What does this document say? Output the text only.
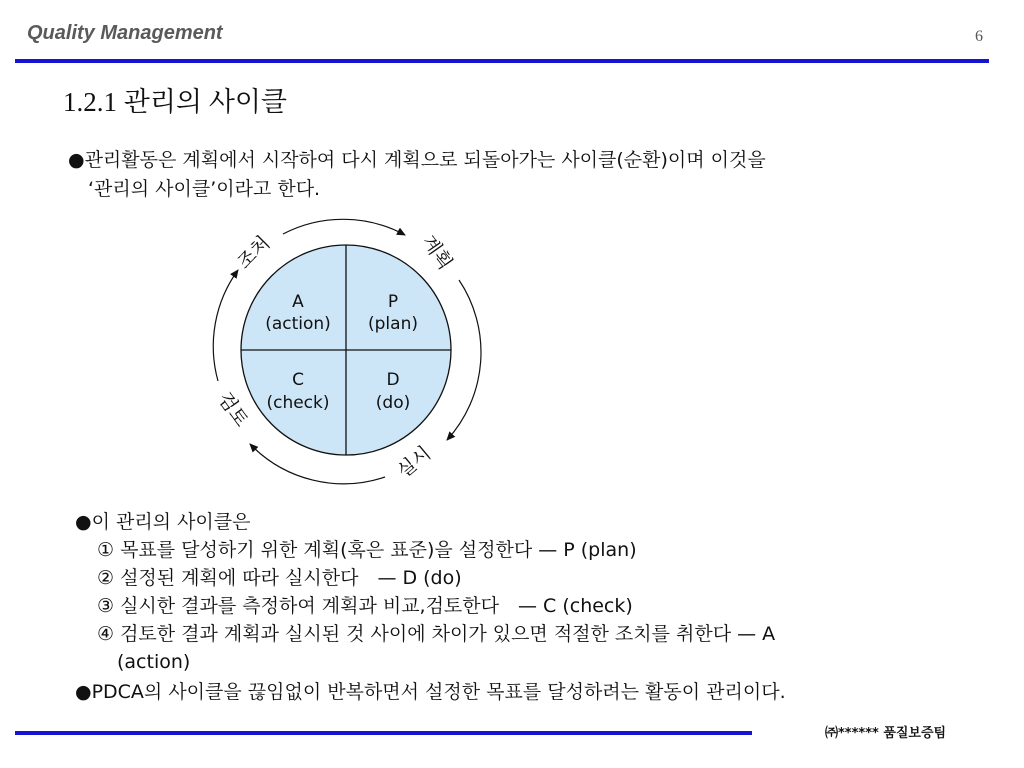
Quality Management	6
1.2.1 관리의 사이클
●관리활동은 계획에서 시작하여 다시 계획으로 되돌아가는 사이클(순환)이며 이것을
‘관리의 사이클’이라고 한다.
A
(action)
P
(plan)
C
(check)
D
(do)
조처	계획
실시
검토
●이 관리의 사이클은
① 목표를 달성하기 위한 계획(혹은 표준)을 설정한다 — P (plan)
② 설정된 계획에 따라 실시한다　— D (do)
③ 실시한 결과를 측정하여 계획과 비교,검토한다　— C (check)
④ 검토한 결과 계획과 실시된 것 사이에 차이가 있으면 적절한 조치를 취한다 — A
(action)
●PDCA의 사이클을 끊임없이 반복하면서 설정한 목표를 달성하려는 활동이 관리이다.
㈜****** 품질보증팀
